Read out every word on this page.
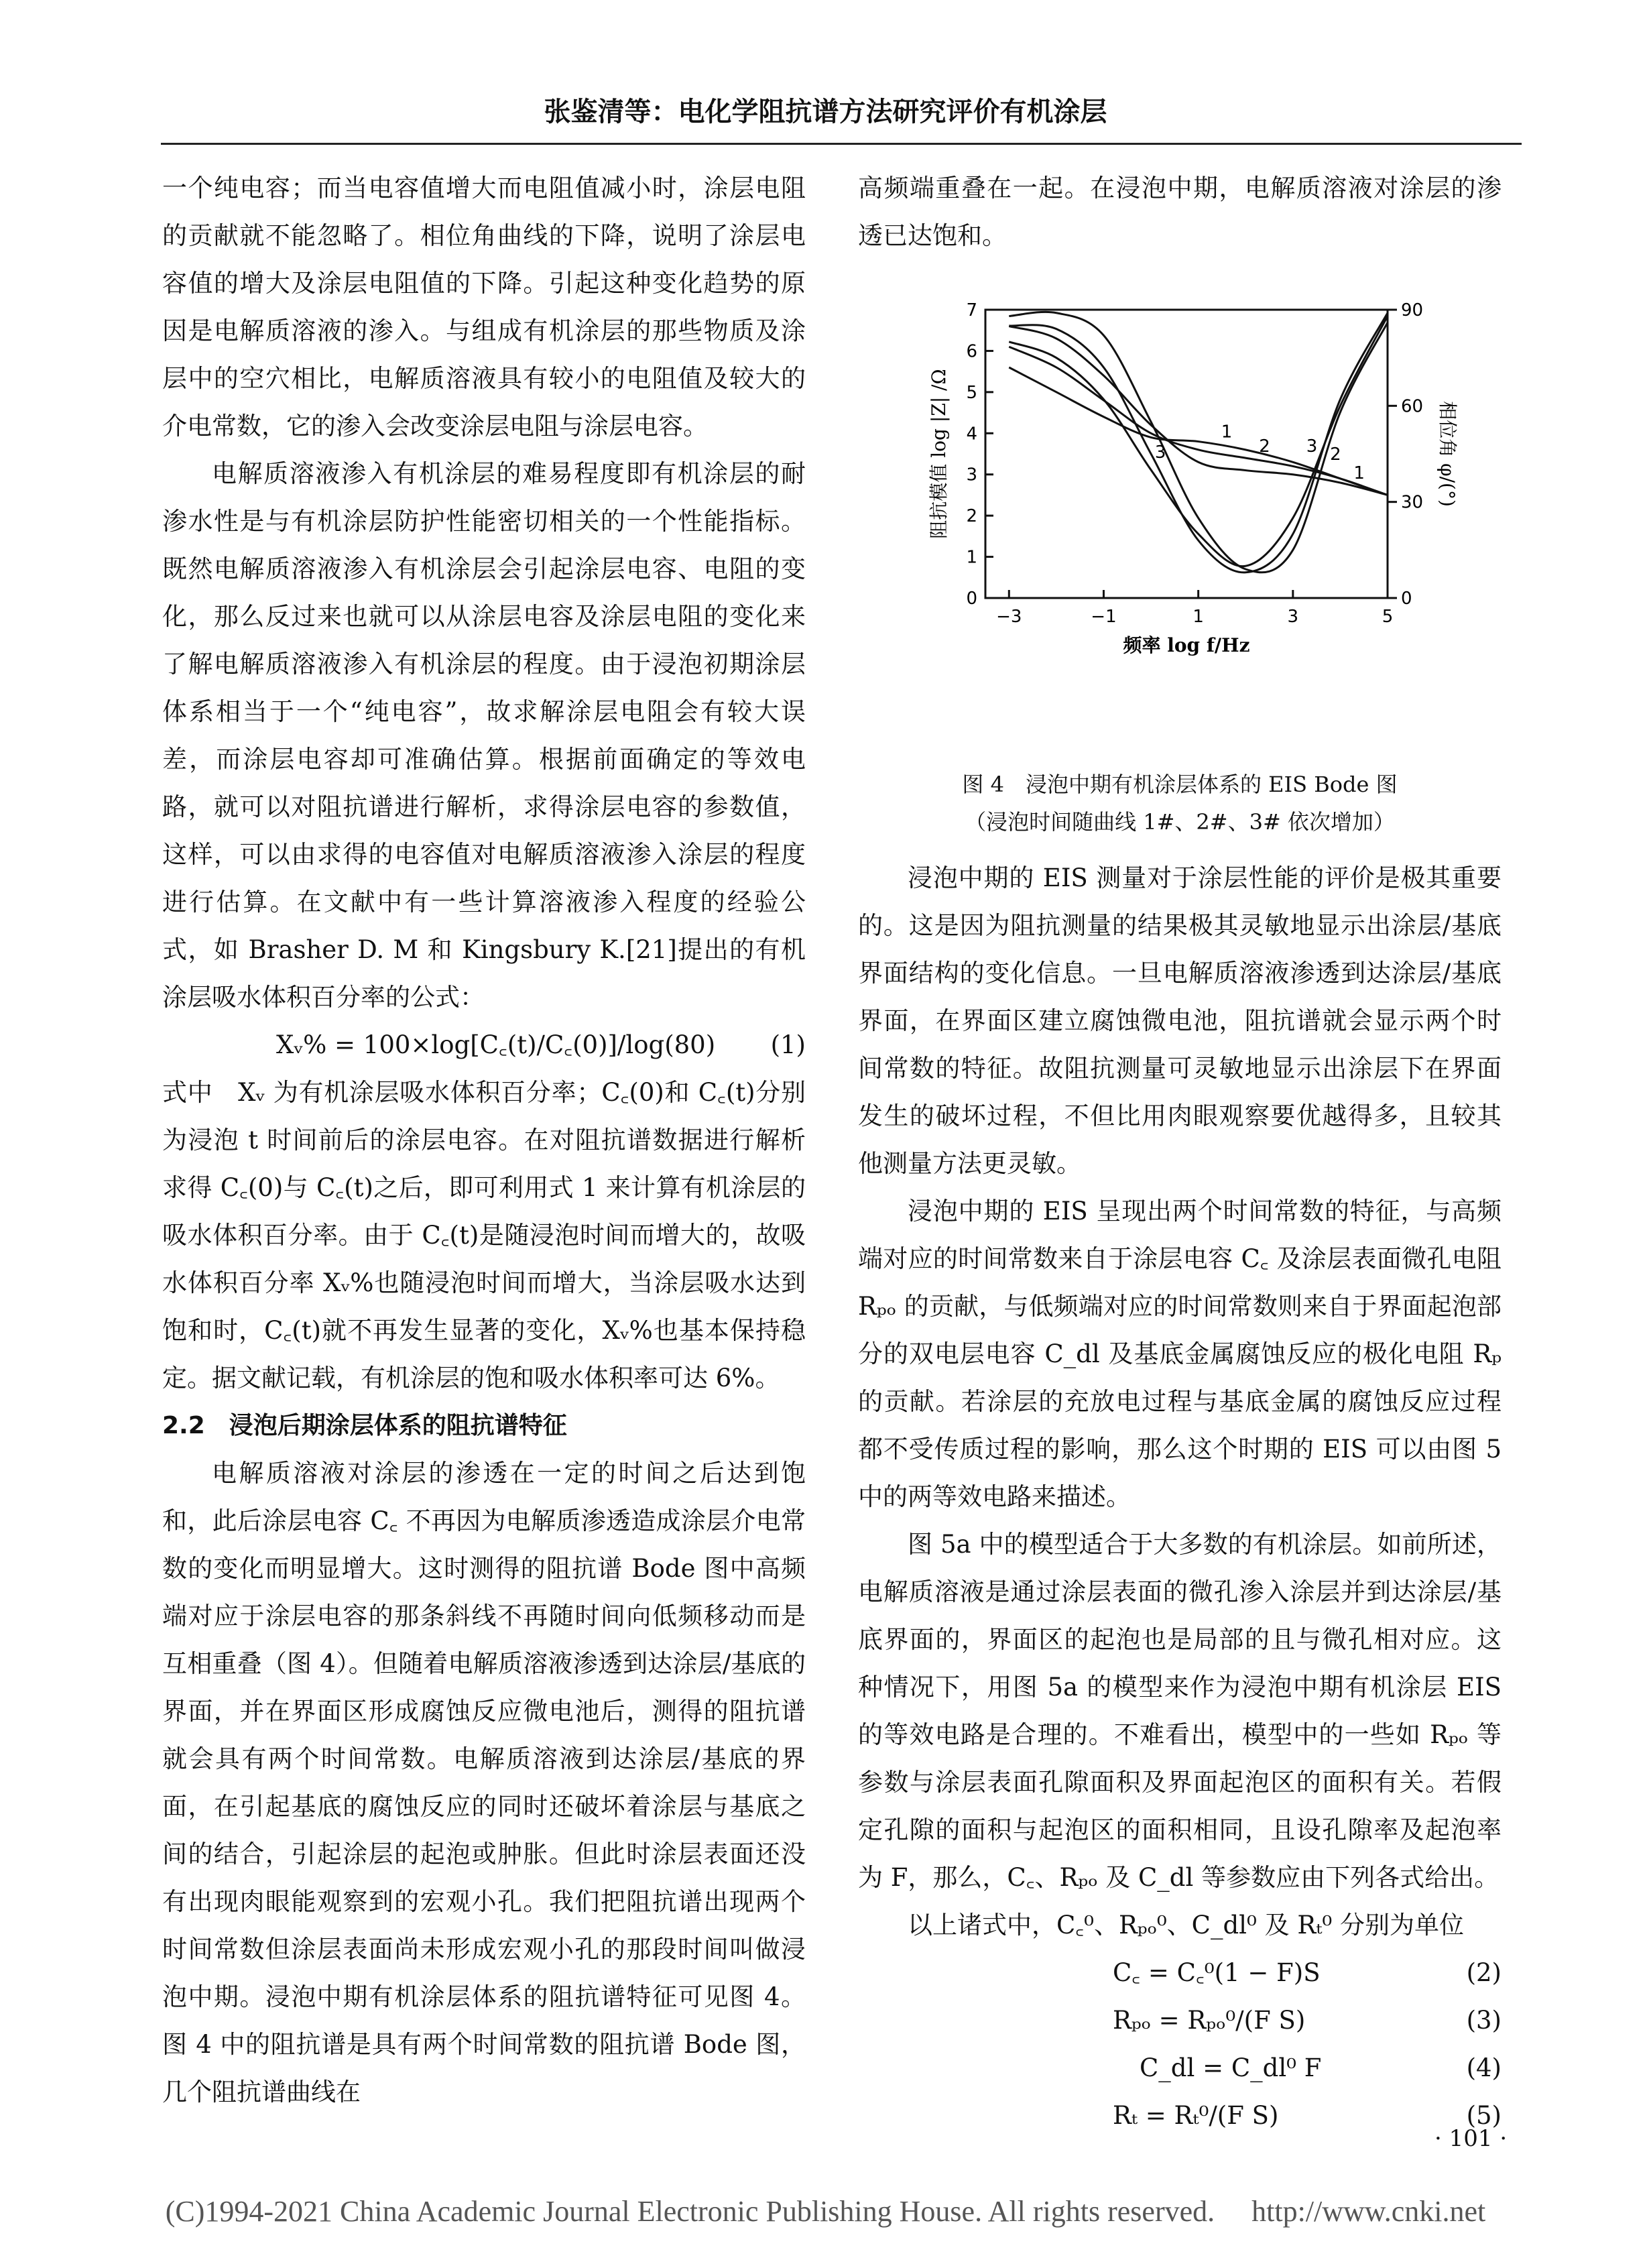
张鉴清等：电化学阻抗谱方法研究评价有机涂层

一个纯电容；而当电容值增大而电阻值减小时，涂层电阻的贡献就不能忽略了。相位角曲线的下降，说明了涂层电容值的增大及涂层电阻值的下降。引起这种变化趋势的原因是电解质溶液的渗入。与组成有机涂层的那些物质及涂层中的空穴相比，电解质溶液具有较小的电阻值及较大的介电常数，它的渗入会改变涂层电阻与涂层电容。

电解质溶液渗入有机涂层的难易程度即有机涂层的耐渗水性是与有机涂层防护性能密切相关的一个性能指标。既然电解质溶液渗入有机涂层会引起涂层电容、电阻的变化，那么反过来也就可以从涂层电容及涂层电阻的变化来了解电解质溶液渗入有机涂层的程度。由于浸泡初期涂层体系相当于一个“纯电容”，故求解涂层电阻会有较大误差，而涂层电容却可准确估算。根据前面确定的等效电路，就可以对阻抗谱进行解析，求得涂层电容的参数值，这样，可以由求得的电容值对电解质溶液渗入涂层的程度进行估算。在文献中有一些计算溶液渗入程度的经验公式，如 Brasher D. M 和 Kingsbury K.[21]提出的有机涂层吸水体积百分率的公式：

Xᵥ% = 100×log[C꜀(t)/C꜀(0)]/log(80) (1)

式中　Xᵥ 为有机涂层吸水体积百分率；C꜀(0)和 C꜀(t)分别为浸泡 t 时间前后的涂层电容。在对阻抗谱数据进行解析求得 C꜀(0)与 C꜀(t)之后，即可利用式 1 来计算有机涂层的吸水体积百分率。由于 C꜀(t)是随浸泡时间而增大的，故吸水体积百分率 Xᵥ%也随浸泡时间而增大，当涂层吸水达到饱和时，C꜀(t)就不再发生显著的变化，Xᵥ%也基本保持稳定。据文献记载，有机涂层的饱和吸水体积率可达 6%。

2.2　浸泡后期涂层体系的阻抗谱特征

电解质溶液对涂层的渗透在一定的时间之后达到饱和，此后涂层电容 C꜀ 不再因为电解质渗透造成涂层介电常数的变化而明显增大。这时测得的阻抗谱 Bode 图中高频端对应于涂层电容的那条斜线不再随时间向低频移动而是互相重叠（图 4）。但随着电解质溶液渗透到达涂层/基底的界面，并在界面区形成腐蚀反应微电池后，测得的阻抗谱就会具有两个时间常数。电解质溶液到达涂层/基底的界面，在引起基底的腐蚀反应的同时还破坏着涂层与基底之间的结合，引起涂层的起泡或肿胀。但此时涂层表面还没有出现肉眼能观察到的宏观小孔。我们把阻抗谱出现两个时间常数但涂层表面尚未形成宏观小孔的那段时间叫做浸泡中期。浸泡中期有机涂层体系的阻抗谱特征可见图 4。图 4 中的阻抗谱是具有两个时间常数的阻抗谱 Bode 图，几个阻抗谱曲线在

高频端重叠在一起。在浸泡中期，电解质溶液对涂层的渗透已达饱和。

−3	−1	1	3	5
7
6
5
4
3
2
1
0
90
60
30
0
频率 log f/Hz
阻抗模值 log |Z| /Ω	相位角 φ/(°)
1
2
3	3 2
1
图 4　浸泡中期有机涂层体系的 EIS Bode 图
（浸泡时间随曲线 1#、2#、3# 依次增加）

浸泡中期的 EIS 测量对于涂层性能的评价是极其重要的。这是因为阻抗测量的结果极其灵敏地显示出涂层/基底界面结构的变化信息。一旦电解质溶液渗透到达涂层/基底界面，在界面区建立腐蚀微电池，阻抗谱就会显示两个时间常数的特征。故阻抗测量可灵敏地显示出涂层下在界面发生的破坏过程，不但比用肉眼观察要优越得多，且较其他测量方法更灵敏。

浸泡中期的 EIS 呈现出两个时间常数的特征，与高频端对应的时间常数来自于涂层电容 C꜀ 及涂层表面微孔电阻 Rₚₒ 的贡献，与低频端对应的时间常数则来自于界面起泡部分的双电层电容 C_dl 及基底金属腐蚀反应的极化电阻 Rₚ 的贡献。若涂层的充放电过程与基底金属的腐蚀反应过程都不受传质过程的影响，那么这个时期的 EIS 可以由图 5 中的两等效电路来描述。

图 5a 中的模型适合于大多数的有机涂层。如前所述，电解质溶液是通过涂层表面的微孔渗入涂层并到达涂层/基底界面的，界面区的起泡也是局部的且与微孔相对应。这种情况下，用图 5a 的模型来作为浸泡中期有机涂层 EIS 的等效电路是合理的。不难看出，模型中的一些如 Rₚₒ 等参数与涂层表面孔隙面积及界面起泡区的面积有关。若假定孔隙的面积与起泡区的面积相同，且设孔隙率及起泡率为 F，那么，C꜀、Rₚₒ 及 C_dl 等参数应由下列各式给出。

以上诸式中，C꜀⁰、Rₚₒ⁰、C_dl⁰ 及 Rₜ⁰ 分别为单位

C꜀ = C꜀⁰(1 − F)S	(2)
Rₚₒ = Rₚₒ⁰/(F S)	(3)
C_dl = C_dl⁰ F	(4)
Rₜ = Rₜ⁰/(F S)	(5)
· 101 ·
(C)1994-2021 China Academic Journal Electronic Publishing House. All rights reserved.　 http://www.cnki.net
